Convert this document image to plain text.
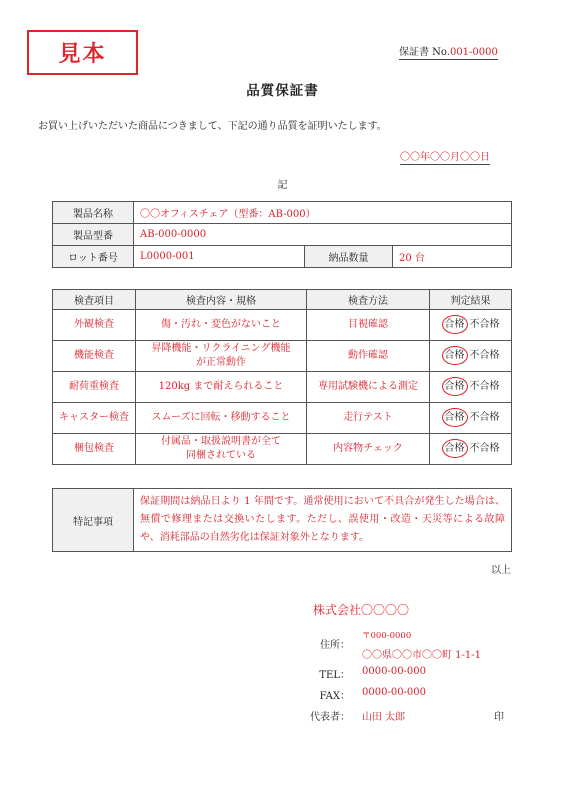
見本	保証書 No.001-0000
品質保証書
お買い上げいただいた商品につきまして、下記の通り品質を証明いたします。
〇〇年〇〇月〇〇日
記
製品名称	〇〇オフィスチェア（型番：AB-000）		
製品型番	AB-000-0000		
ロット番号	L0000-001	納品数量	20 台
検査項目	検査内容・規格	検査方法	判定結果
外観検査	傷・汚れ・変色がないこと	目視確認	合格 不合格
機能検査	昇降機能・リクライニング機能が正常動作	動作確認	合格 不合格
耐荷重検査	120kg まで耐えられること	専用試験機による測定	合格 不合格
キャスター検査	スムーズに回転・移動すること	走行テスト	合格 不合格
梱包検査	付属品・取扱説明書が全て同梱されている	内容物チェック	合格 不合格
特記事項	保証期間は納品日より 1 年間です。通常使用において不具合が発生した場合は、無償で修理または交換いたします。ただし、誤使用・改造・天災等による故障や、消耗部品の自然劣化は保証対象外となります。
以上
株式会社〇〇〇〇
住所：
〒000-0000
〇〇県〇〇市〇〇町 1-1-1
TEL： 0000-00-000
FAX： 0000-00-000
代表者： 山田 太郎	印
